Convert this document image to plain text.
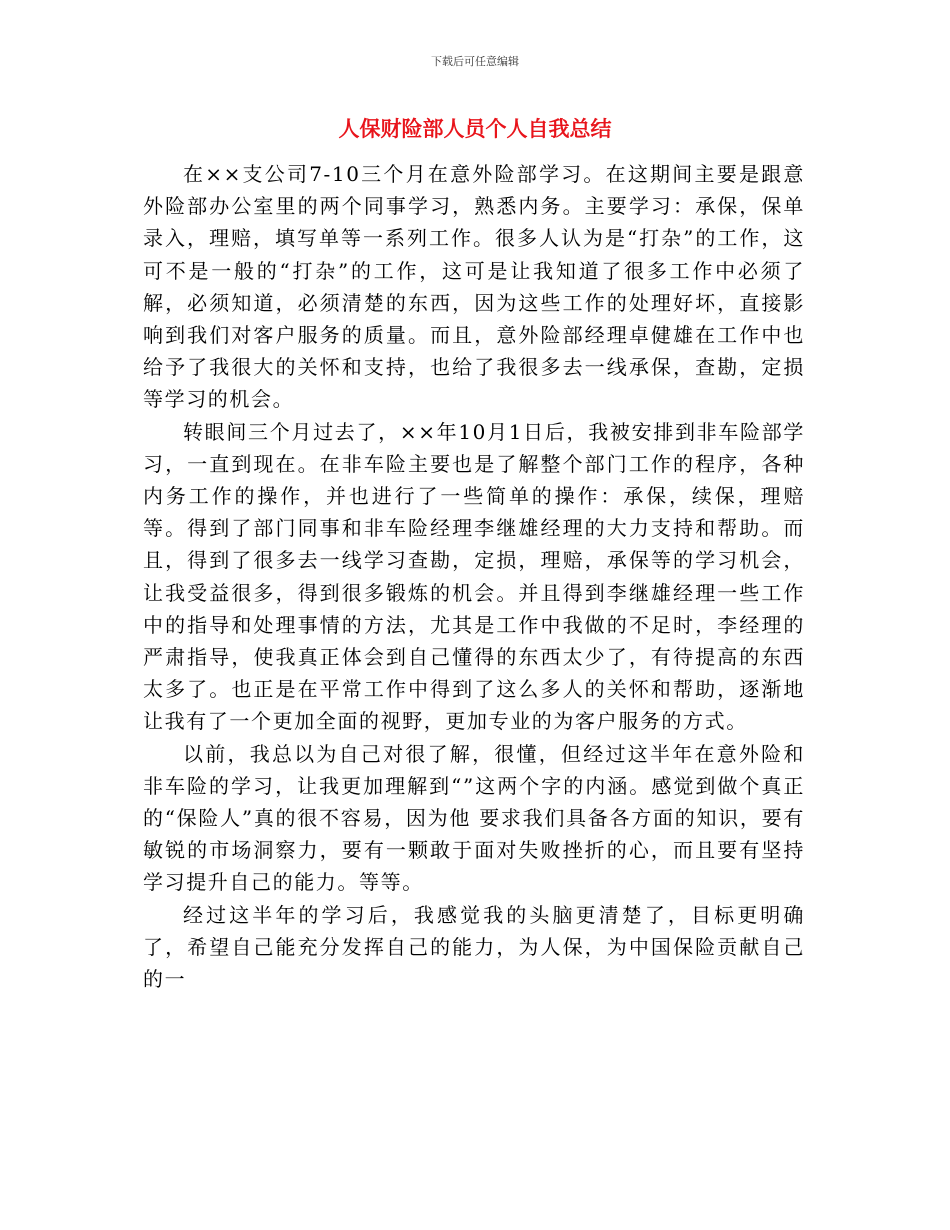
下载后可任意编辑
人保财险部人员个人自我总结

在××支公司7-10三个月在意外险部学习。在这期间主要是跟意外险部办公室里的两个同事学习，熟悉内务。主要学习：承保，保单录入，理赔，填写单等一系列工作。很多人认为是“打杂”的工作，这可不是一般的“打杂”的工作，这可是让我知道了很多工作中必须了解，必须知道，必须清楚的东西，因为这些工作的处理好坏，直接影响到我们对客户服务的质量。而且，意外险部经理卓健雄在工作中也给予了我很大的关怀和支持，也给了我很多去一线承保，查勘，定损等学习的机会。

转眼间三个月过去了，××年10月1日后，我被安排到非车险部学习，一直到现在。在非车险主要也是了解整个部门工作的程序，各种内务工作的操作，并也进行了一些简单的操作：承保，续保，理赔等。得到了部门同事和非车险经理李继雄经理的大力支持和帮助。而且，得到了很多去一线学习查勘，定损，理赔，承保等的学习机会，让我受益很多，得到很多锻炼的机会。并且得到李继雄经理一些工作中的指导和处理事情的方法，尤其是工作中我做的不足时，李经理的严肃指导，使我真正体会到自己懂得的东西太少了，有待提高的东西太多了。也正是在平常工作中得到了这么多人的关怀和帮助，逐渐地让我有了一个更加全面的视野，更加专业的为客户服务的方式。

以前，我总以为自己对很了解，很懂，但经过这半年在意外险和非车险的学习，让我更加理解到“”这两个字的内涵。感觉到做个真正的“保险人”真的很不容易，因为他 要求我们具备各方面的知识，要有敏锐的市场洞察力，要有一颗敢于面对失败挫折的心，而且要有坚持学习提升自己的能力。等等。

经过这半年的学习后，我感觉我的头脑更清楚了，目标更明确了，希望自己能充分发挥自己的能力，为人保，为中国保险贡献自己的一
